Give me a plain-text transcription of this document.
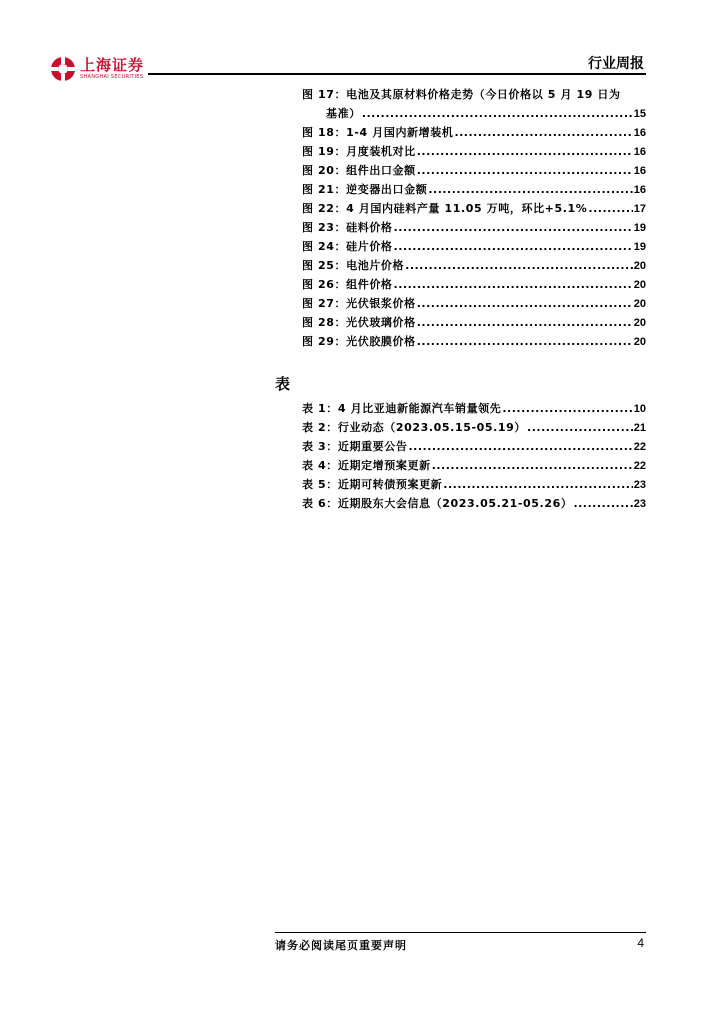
上海证券
SHANGHAI SECURITIES
行业周报
图 17：电池及其原材料价格走势（今日价格以 5 月 19 日为
基准） .....	15
图 18：1-4 月国内新增装机 .....	16
图 19：月度装机对比 .....	16
图 20：组件出口金额 .....	16
图 21：逆变器出口金额 .....	16
图 22：4 月国内硅料产量 11.05 万吨，环比+5.1% .....	17
图 23：硅料价格 .....	19
图 24：硅片价格 .....	19
图 25：电池片价格 .....	20
图 26：组件价格 .....	20
图 27：光伏银浆价格 .....	20
图 28：光伏玻璃价格 .....	20
图 29：光伏胶膜价格 .....	20
表
表 1：4 月比亚迪新能源汽车销量领先 .....	10
表 2：行业动态（2023.05.15-05.19） .....	21
表 3：近期重要公告 .....	22
表 4：近期定增预案更新 .....	22
表 5：近期可转债预案更新 .....	23
表 6：近期股东大会信息（2023.05.21-05.26） .....	23
请务必阅读尾页重要声明	4
